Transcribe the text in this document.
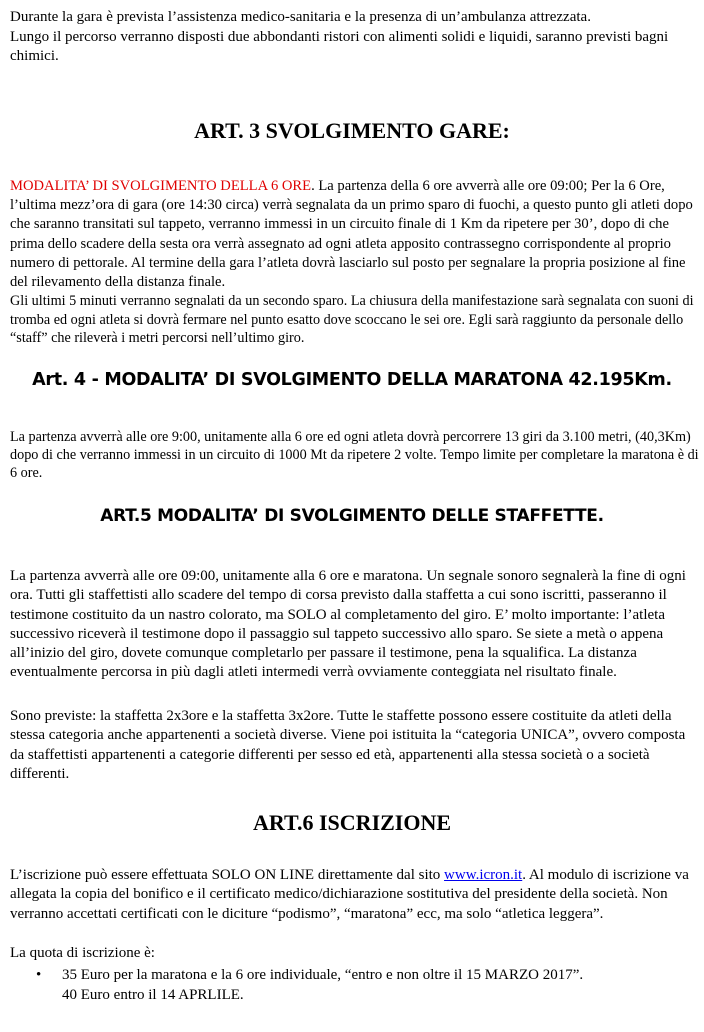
Durante la gara è prevista l’assistenza medico-sanitaria e la presenza di un’ambulanza attrezzata.

Lungo il percorso verranno disposti due abbondanti ristori con alimenti solidi e liquidi, saranno previsti bagni chimici.

ART. 3 SVOLGIMENTO GARE:
MODALITA’ DI SVOLGIMENTO DELLA 6 ORE. La partenza della 6 ore avverrà alle ore 09:00; Per la 6 Ore, l’ultima mezz’ora di gara (ore 14:30 circa) verrà segnalata da un primo sparo di fuochi, a questo punto gli atleti dopo che saranno transitati sul tappeto, verranno immessi in un circuito finale di 1 Km da ripetere per 30’, dopo di che prima dello scadere della sesta ora verrà assegnato ad ogni atleta apposito contrassegno corrispondente al proprio numero di pettorale. Al termine della gara l’atleta dovrà lasciarlo sul posto per segnalare la propria posizione al fine del rilevamento della distanza finale.
Gli ultimi 5 minuti verranno segnalati da un secondo sparo. La chiusura della manifestazione sarà segnalata con suoni di tromba ed ogni atleta si dovrà fermare nel punto esatto dove scoccano le sei ore. Egli sarà raggiunto da personale dello “staff” che rileverà i metri percorsi nell’ultimo giro.
Art. 4 - MODALITA’ DI SVOLGIMENTO DELLA MARATONA 42.195Km.
La partenza avverrà alle ore 9:00, unitamente alla 6 ore ed ogni atleta dovrà percorrere 13 giri da 3.100 metri, (40,3Km) dopo di che verranno immessi in un circuito di 1000 Mt da ripetere 2 volte. Tempo limite per completare la maratona è di 6 ore.
ART.5 MODALITA’ DI SVOLGIMENTO DELLE STAFFETTE.
La partenza avverrà alle ore 09:00, unitamente alla 6 ore e maratona. Un segnale sonoro segnalerà la fine di ogni ora. Tutti gli staffettisti allo scadere del tempo di corsa previsto dalla staffetta a cui sono iscritti, passeranno il testimone costituito da un nastro colorato, ma SOLO al completamento del giro. E’ molto importante: l’atleta successivo riceverà il testimone dopo il passaggio sul tappeto successivo allo sparo. Se siete a metà o appena all’inizio del giro, dovete comunque completarlo per passare il testimone, pena la squalifica. La distanza eventualmente percorsa in più dagli atleti intermedi verrà ovviamente conteggiata nel risultato finale.
Sono previste: la staffetta 2x3ore e la staffetta 3x2ore. Tutte le staffette possono essere costituite da atleti della stessa categoria anche appartenenti a società diverse. Viene poi istituita la “categoria UNICA”, ovvero composta da staffettisti appartenenti a categorie differenti per sesso ed età, appartenenti alla stessa società o a società differenti.
ART.6 ISCRIZIONE
L’iscrizione può essere effettuata SOLO ON LINE direttamente dal sito www.icron.it. Al modulo di iscrizione va allegata la copia del bonifico e il certificato medico/dichiarazione sostitutiva del presidente della società. Non verranno accettati certificati con le diciture “podismo”, “maratona” ecc, ma solo “atletica leggera”.
La quota di iscrizione è:
• 35 Euro per la maratona e la 6 ore individuale, “entro e non oltre il 15 MARZO 2017”.

40 Euro entro il 14 APRLILE.
